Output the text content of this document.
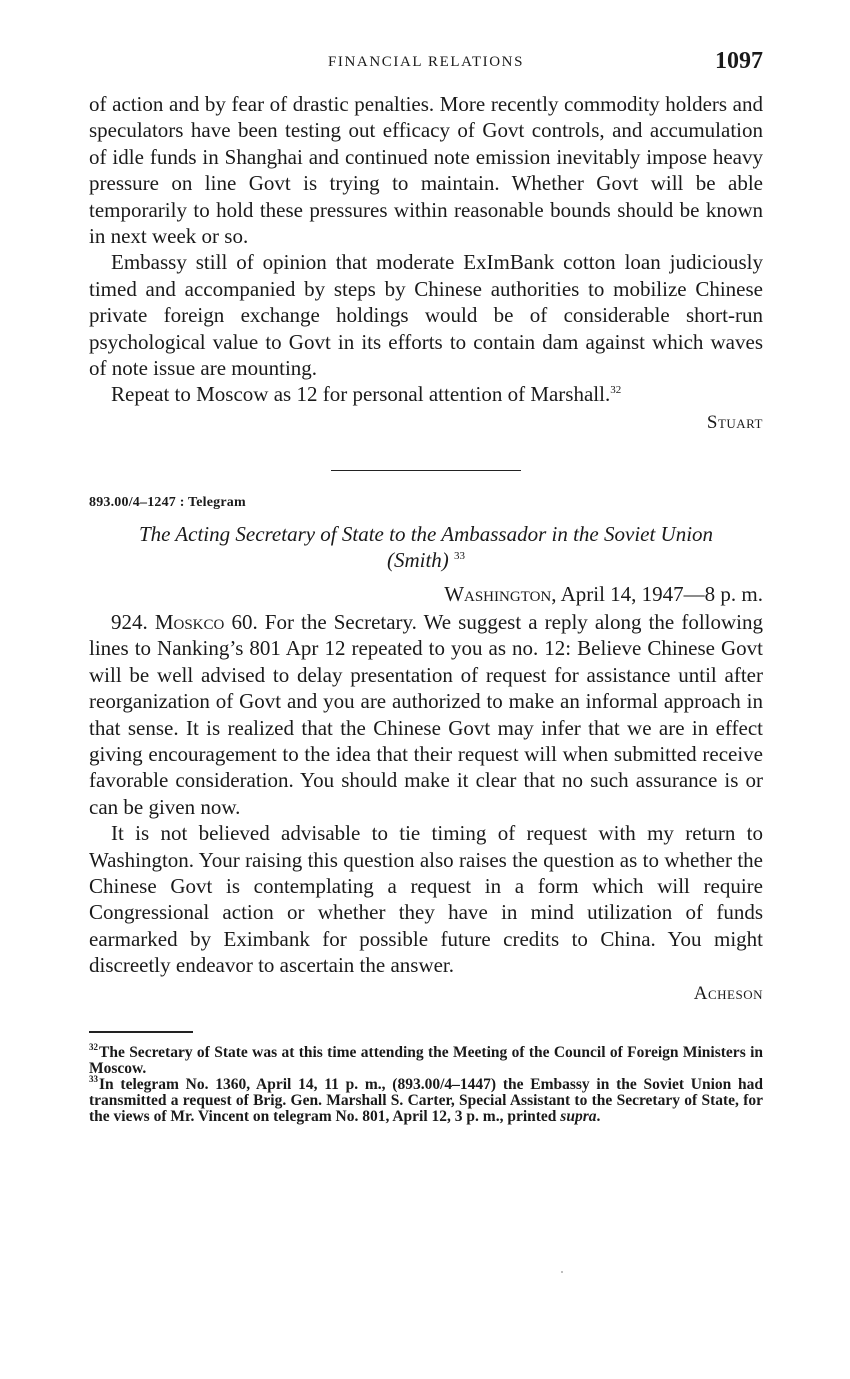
FINANCIAL RELATIONS	1097

of action and by fear of drastic penalties. More recently commodity holders and speculators have been testing out efficacy of Govt controls, and accumulation of idle funds in Shanghai and continued note emission inevitably impose heavy pressure on line Govt is trying to maintain. Whether Govt will be able temporarily to hold these pressures within reasonable bounds should be known in next week or so.

Embassy still of opinion that moderate ExImBank cotton loan judiciously timed and accompanied by steps by Chinese authorities to mobilize Chinese private foreign exchange holdings would be of considerable short-run psychological value to Govt in its efforts to contain dam against which waves of note issue are mounting.

Repeat to Moscow as 12 for personal attention of Marshall.$^{32}$

Stuart
893.00/4–1247 : Telegram
The Acting Secretary of State to the Ambassador in the Soviet Union
(Smith) $^{33}$
Washington, April 14, 1947—8 p. m.

924. Moskco 60. For the Secretary. We suggest a reply along the following lines to Nanking’s 801 Apr 12 repeated to you as no. 12: Believe Chinese Govt will be well advised to delay presentation of request for assistance until after reorganization of Govt and you are authorized to make an informal approach in that sense. It is realized that the Chinese Govt may infer that we are in effect giving encouragement to the idea that their request will when submitted receive favorable consideration. You should make it clear that no such assurance is or can be given now.

It is not believed advisable to tie timing of request with my return to Washington. Your raising this question also raises the question as to whether the Chinese Govt is contemplating a request in a form which will require Congressional action or whether they have in mind utilization of funds earmarked by Eximbank for possible future credits to China. You might discreetly endeavor to ascertain the answer.

Acheson

$^{32}$The Secretary of State was at this time attending the Meeting of the Council of Foreign Ministers in Moscow.

$^{33}$In telegram No. 1360, April 14, 11 p. m., (893.00/4–1447) the Embassy in the Soviet Union had transmitted a request of Brig. Gen. Marshall S. Carter, Special Assistant to the Secretary of State, for the views of Mr. Vincent on telegram No. 801, April 12, 3 p. m., printed supra.
